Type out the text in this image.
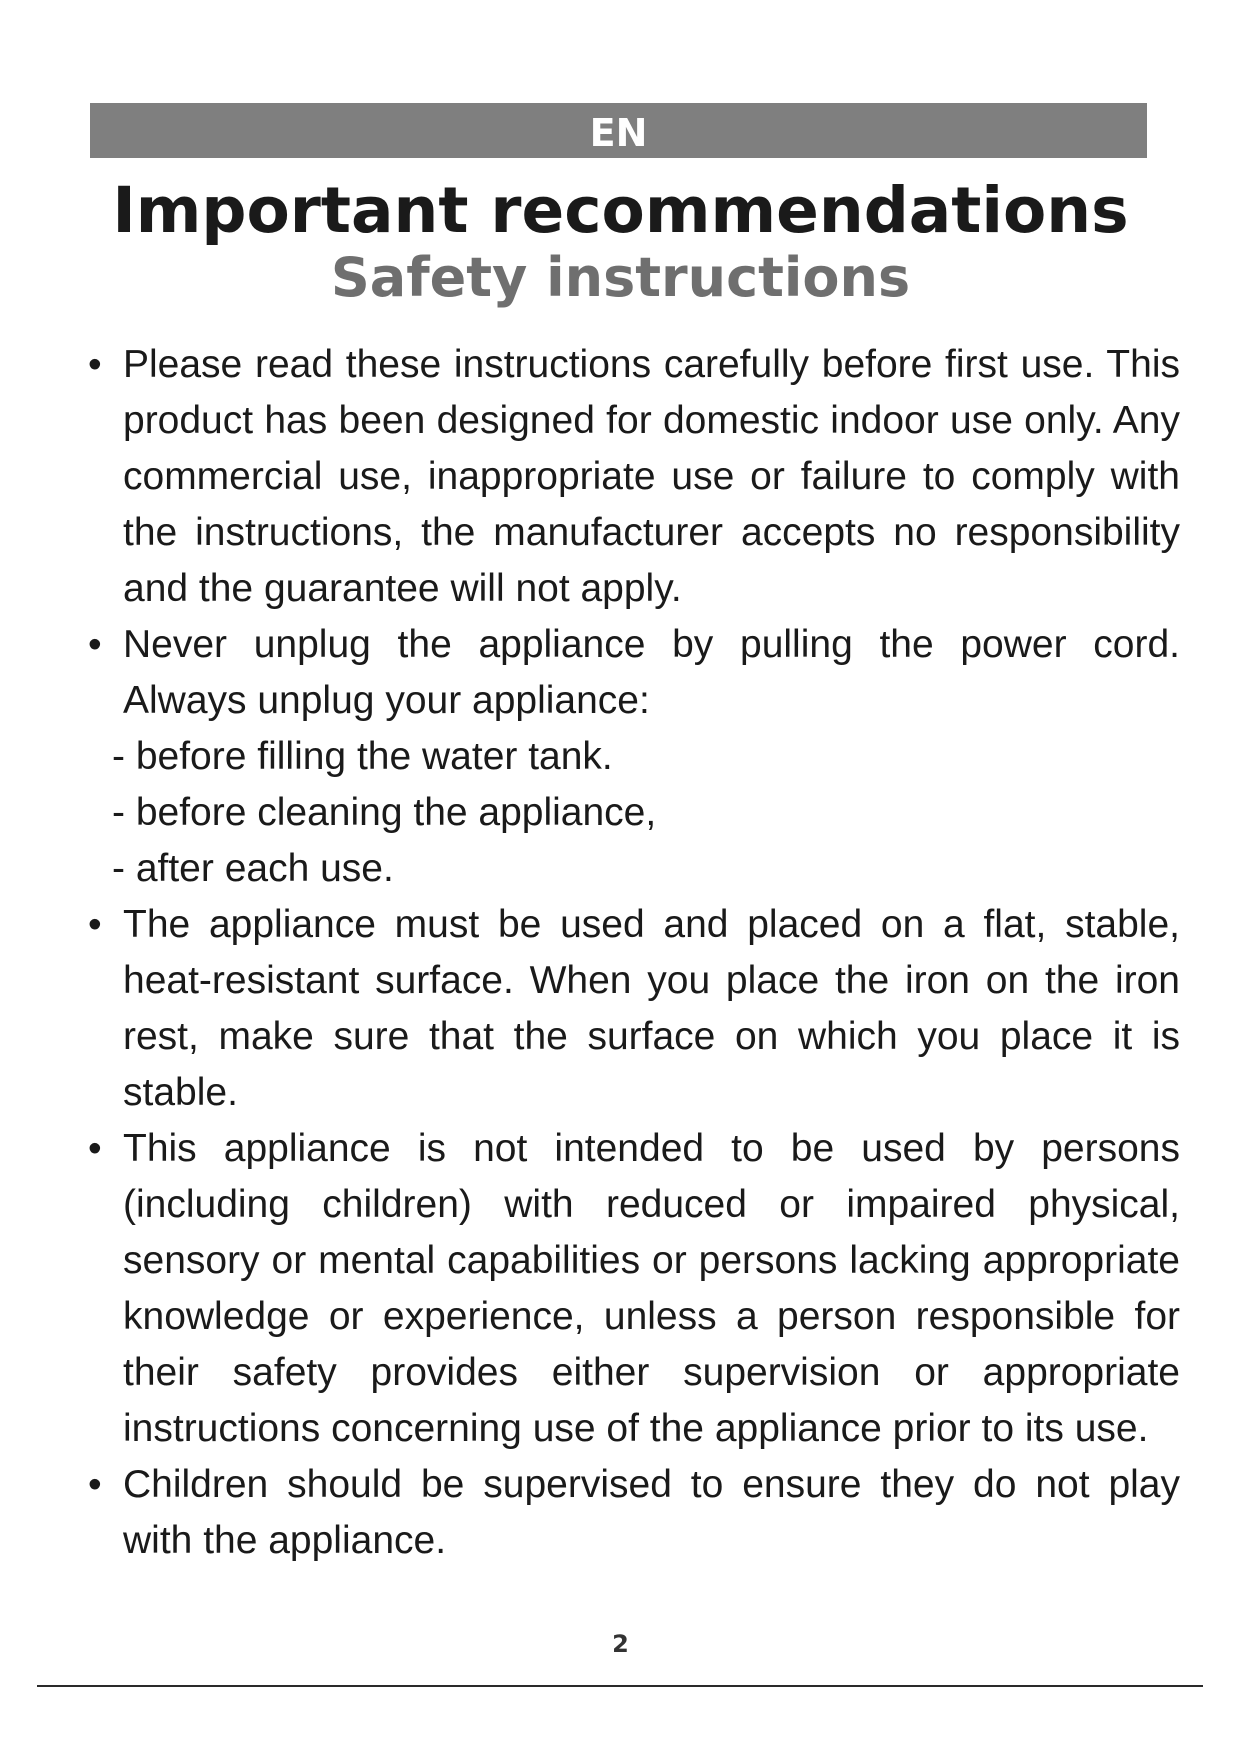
EN
Important recommendations
Safety instructions
• Please read these instructions carefully before first use. This product has been designed for domestic indoor use only. Any commercial use, inappropriate use or failure to comply with the instructions, the manufacturer accepts no responsibility and the guarantee will not apply.
• Never unplug the appliance by pulling the power cord. Always unplug your appliance:
- before filling the water tank.
- before cleaning the appliance,
- after each use.
• The appliance must be used and placed on a flat, stable, heat-resistant surface. When you place the iron on the iron rest, make sure that the surface on which you place it is stable.
• This appliance is not intended to be used by persons (including children) with reduced or impaired physical, sensory or mental capabilities or persons lacking appropriate knowledge or experience, unless a person responsible for their safety provides either supervision or appropriate instructions concerning use of the appliance prior to its use.
• Children should be supervised to ensure they do not play with the appliance.
2
